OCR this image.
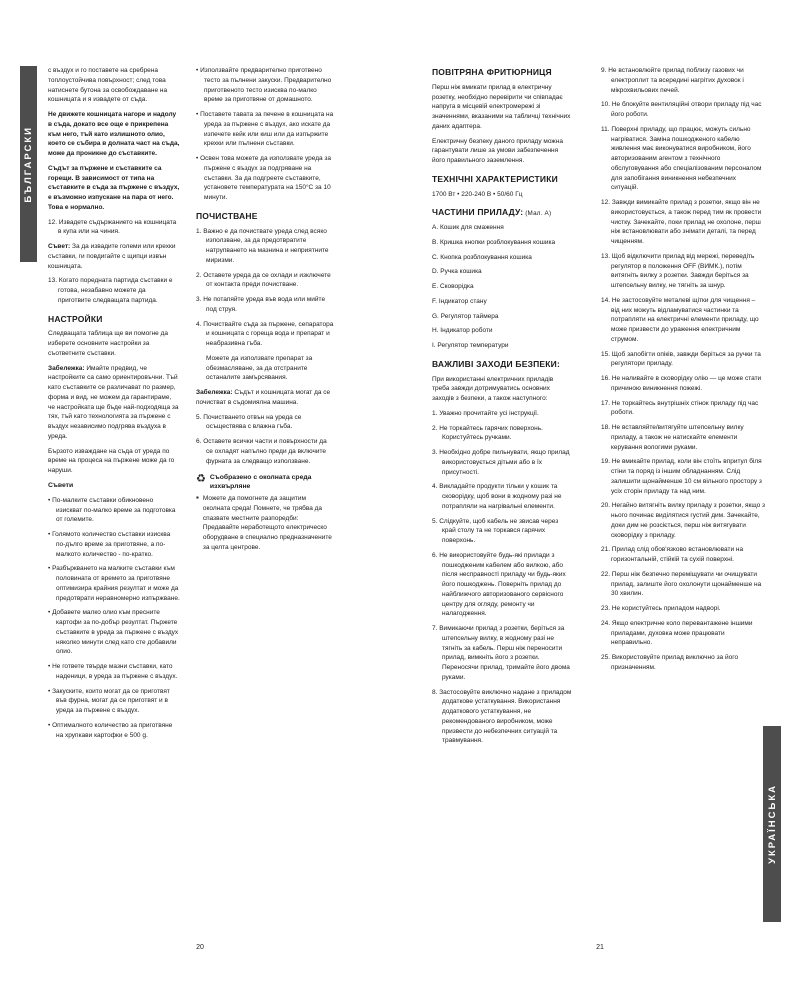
БЪЛГАРСКИ
УКРАЇНСЬКА

с въздух и го поставете на сребрена топлоустойчива повърхност; след това натиснете бутона за освобождаване на кошницата и я извадете от съда.

Не движете кошницата нагоре и надолу в съда, докато все още е прикрепена към него, тъй като излишното олио, което се събира в долната част на съда, може да проникне до съставките.

Съдът за пържене и съставките са горещи. В зависимост от типа на съставките в съда за пържене с въздух, е възможно изпускане на пара от него. Това е нормално.

12. Извадете съдържанието на кошницата в купа или на чиния.

Съвет: За да извадите големи или крехки съставки, ги повдигайте с щипци извън кошницата.

13. Когато поредната партида съставки е готова, незабавно можете да приготвите следващата партида.

НАСТРОЙКИ

Следващата таблица ще ви помогне да изберете основните настройки за съответните съставки.

Забележка: Имайте предвид, че настройките са само ориентировъчни. Тъй като съставките се различават по размер, форма и вид, не можем да гарантираме, че настройката ще бъде най-подходяща за тях, тъй като технологията за пържене с въздух независимо подгрява въздуха в уреда.

Бързото изваждане на съда от уреда по време на процеса на пържене може да го наруши.

Съвети

• По-малките съставки обикновено изискват по-малко време за подготовка от големите.

• Голямото количество съставки изисква по-дълго време за приготвяне, а по-малкото количество - по-кратко.

• Разбъркването на малките съставки към половината от времето за приготвяне оптимизира крайния резултат и може да предотврати неравномерно изпържване.

• Добавете малко олио към пресните картофи за по-добър резултат. Пържете съставките в уреда за пържене с въздух няколко минути след като сте добавили олио.

• Не гответе твърде мазни съставки, като наденици, в уреда за пържене с въздух.

• Закуските, които могат да се приготвят във фурна, могат да се приготвят и в уреда за пържене с въздух.

• Оптималното количество за приготвяне на хрупкави картофки е 500 g.

• Използвайте предварително приготвено тесто за пълнени закуски. Предварително приготвеното тесто изисква по-малко време за приготвяне от домашното.

• Поставете тавата за печене в кошницата на уреда за пържене с въздух, ако искате да изпечете кейк или киш или да изпържите крехки или пълнени съставки.

• Освен това можете да използвате уреда за пържене с въздух за подгряване на съставки. За да подгреете съставките, установете температурата на 150°C за 10 минути.

ПОЧИСТВАНЕ

1. Важно е да почиствате уреда след всяко използване, за да предотвратите натрупването на мазнина и неприятните миризми.

2. Оставете уреда да се охлади и изключете от контакта преди почистване.

3. Не потапяйте уреда във вода или мийте под струя.

4. Почиствайте съда за пържене, сепаратора и кошницата с гореща вода и препарат и неабразивна гъба.

Можете да използвате препарат за обезмасляване, за да отстраните останалите замърсявания.

Забележка: Съдът и кошницата могат да се почистват в съдомиялна машина.

5. Почистването отвън на уреда се осъществява с влажна гъба.

6. Оставете всички части и повърхности да се охладят напълно преди да включите фурната за следващо използване.

♻ Съобразено с околната среда изхвърляне
▪ Можете да помогнете да защитим околната среда! Помнете, че трябва да спазвате местните разпоредби: Предавайте неработещото електрическо оборудване в специално предназначените за целта центрове.

ПОВІТРЯНА ФРИТЮРНИЦЯ

Перш ніж вмикати прилад в електричну розетку, необхідно перевірити чи співпадає напруга в місцевій електромережі зі значеннями, вказаними на табличці технічних даних адаптера.

Електричну безпеку даного приладу можна гарантувати лише за умови забезпечення його правильного заземлення.

ТЕХНІЧНІ ХАРАКТЕРИСТИКИ

1700 Вт • 220-240 В • 50/60 Гц

ЧАСТИНИ ПРИЛАДУ: (Мал. A)

A. Кошик для смаження

B. Кришка кнопки розблокування кошика

C. Кнопка розблокування кошика

D. Ручка кошика

E. Сковорідка

F. Індикатор стану

G. Регулятор таймера

H. Індикатор роботи

I. Регулятор температури

ВАЖЛИВІ ЗАХОДИ БЕЗПЕКИ:

При використанні електричних приладів треба завжди дотримуватись основних заходів з безпеки, а також наступного:

1. Уважно прочитайте усі інструкції.

2. Не торкайтесь гарячих поверхонь. Користуйтесь ручками.

3. Необхідно добре пильнувати, якщо прилад використовується дітьми або в їх присутності.

4. Викладайте продукти тільки у кошик та сковорідку, щоб вони в жодному разі не потрапляли на нагрівальні елементи.

5. Слідкуйте, щоб кабель не звисав через край столу та не торкався гарячих поверхонь.

6. Не використовуйте будь-які прилади з пошкодженим кабелем або вилкою, або після несправності приладу чи будь-яких його пошкоджень. Поверніть прилад до найближчого авторизованого сервісного центру для огляду, ремонту чи налагодження.

7. Вимикаючи прилад з розетки, беріться за штепсельну вилку, в жодному разі не тягніть за кабель. Перш ніж переносити прилад, вимкніть його з розетки. Переносячи прилад, тримайте його двома руками.

8. Застосовуйте виключно надане з приладом додаткове устаткування. Використання додаткового устаткування, не рекомендованого виробником, може призвести до небезпечних ситуацій та травмування.

9. Не встановлюйте прилад поблизу газових чи електроплит та всередині нагрітих духовок і мікрохвильових печей.

10. Не блокуйте вентиляційні отвори приладу під час його роботи.

11. Поверхні приладу, що працює, можуть сильно нагріватися. Заміна пошкодженого кабелю живлення має виконуватися виробником, його авторизованим агентом з технічного обслуговування або спеціалізованим персоналом для запобігання виникнення небезпечних ситуацій.

12. Завжди вимикайте прилад з розетки, якщо він не використовується, а також перед тим як провести чистку. Зачекайте, поки прилад не охолоне, перш ніж встановлювати або знімати деталі, та перед чищенням.

13. Щоб відключити прилад від мережі, переведіть регулятор в положення OFF (ВИМК.), потім витягніть вилку з розетки. Завжди беріться за штепсельну вилку, не тягніть за шнур.

14. Не застосовуйте металеві щітки для чищення – від них можуть відламуватися частинки та потрапляти на електричні елементи приладу, що може призвести до ураження електричним струмом.

15. Щоб запобігти опіків, завжди беріться за ручки та регулятори приладу.

16. Не наливайте в сковорідку олію — це може стати причиною виникнення пожежі.

17. Не торкайтесь внутрішніх стінок приладу під час роботи.

18. Не вставляйте/витягуйте штепсельну вилку приладу, а також не натискайте елементи керування вологими руками.

19. Не вмикайте прилад, коли він стоїть впритул біля стіни та поряд із іншим обладнанням. Слід залишити щонайменше 10 см вільного простору з усіх сторін приладу та над ним.

20. Негайно витягніть вилку приладу з розетки, якщо з нього починає виділятися густий дим. Зачекайте, доки дим не розсіється, перш ніж витягувати сковорідку з приладу.

21. Прилад слід обов'язково встановлювати на горизонтальній, стійкій та сухій поверхні.

22. Перш ніж безпечно переміщувати чи очищувати прилад, залиште його охолонути щонайменше на 30 хвилин.

23. Не користуйтесь приладом надворі.

24. Якщо електричне коло перевантажене іншими приладами, духовка може працювати неправильно.

25. Використовуйте прилад виключно за його призначенням.

20	21
